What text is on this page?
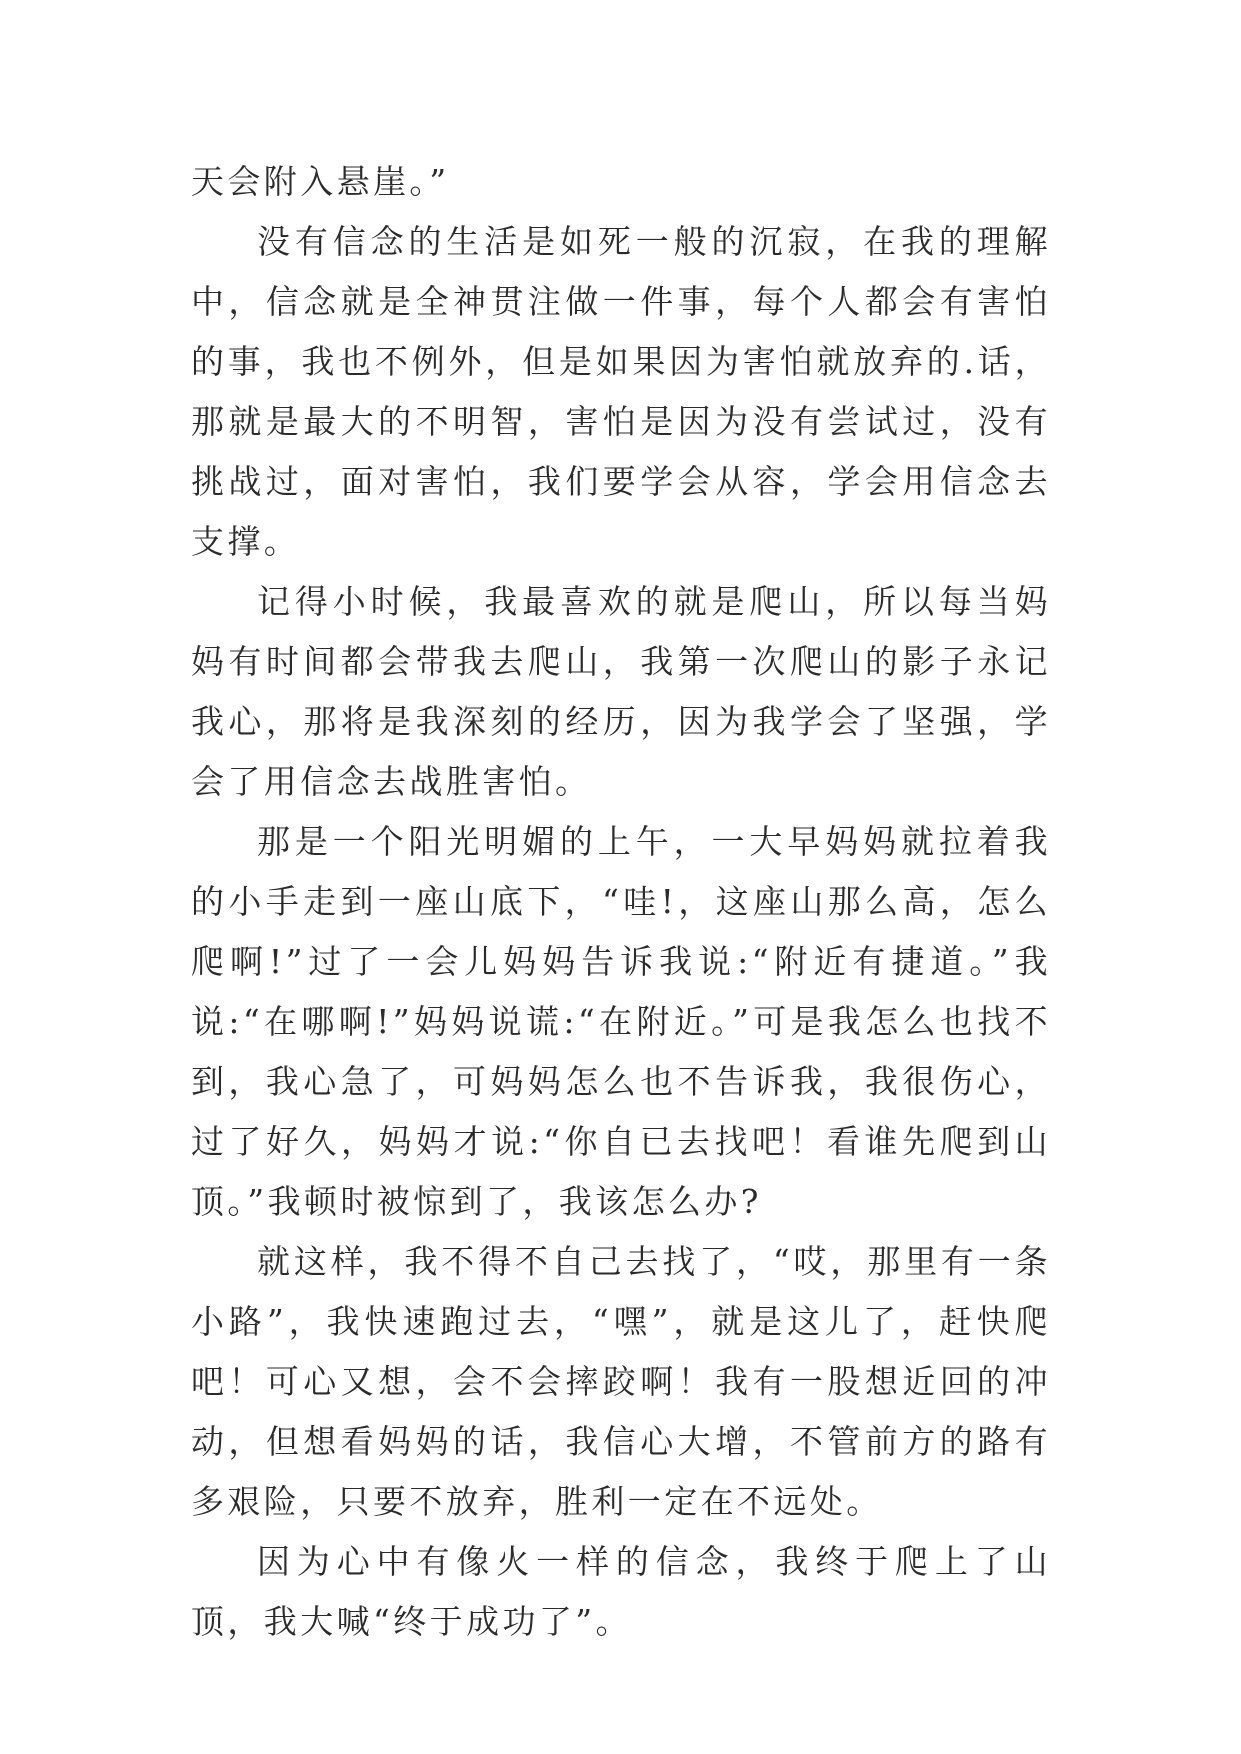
天会附入悬崖。”

没有信念的生活是如死一般的沉寂，在我的理解中，信念就是全神贯注做一件事，每个人都会有害怕的事，我也不例外，但是如果因为害怕就放弃的.话，那就是最大的不明智，害怕是因为没有尝试过，没有挑战过，面对害怕，我们要学会从容，学会用信念去支撑。

记得小时候，我最喜欢的就是爬山，所以每当妈妈有时间都会带我去爬山，我第一次爬山的影子永记我心，那将是我深刻的经历，因为我学会了坚强，学会了用信念去战胜害怕。

那是一个阳光明媚的上午，一大早妈妈就拉着我的小手走到一座山底下，“哇!，这座山那么高，怎么爬啊!”过了一会儿妈妈告诉我说:“附近有捷道。”我说:“在哪啊!”妈妈说谎:“在附近。”可是我怎么也找不到，我心急了，可妈妈怎么也不告诉我，我很伤心，过了好久，妈妈才说:“你自已去找吧！看谁先爬到山顶。”我顿时被惊到了，我该怎么办?

就这样，我不得不自己去找了，“哎，那里有一条小路”，我快速跑过去，“嘿”，就是这儿了，赶快爬吧！可心又想，会不会摔跤啊！我有一股想近回的冲动，但想看妈妈的话，我信心大增，不管前方的路有多艰险，只要不放弃，胜利一定在不远处。

因为心中有像火一样的信念，我终于爬上了山顶，我大喊“终于成功了”。
